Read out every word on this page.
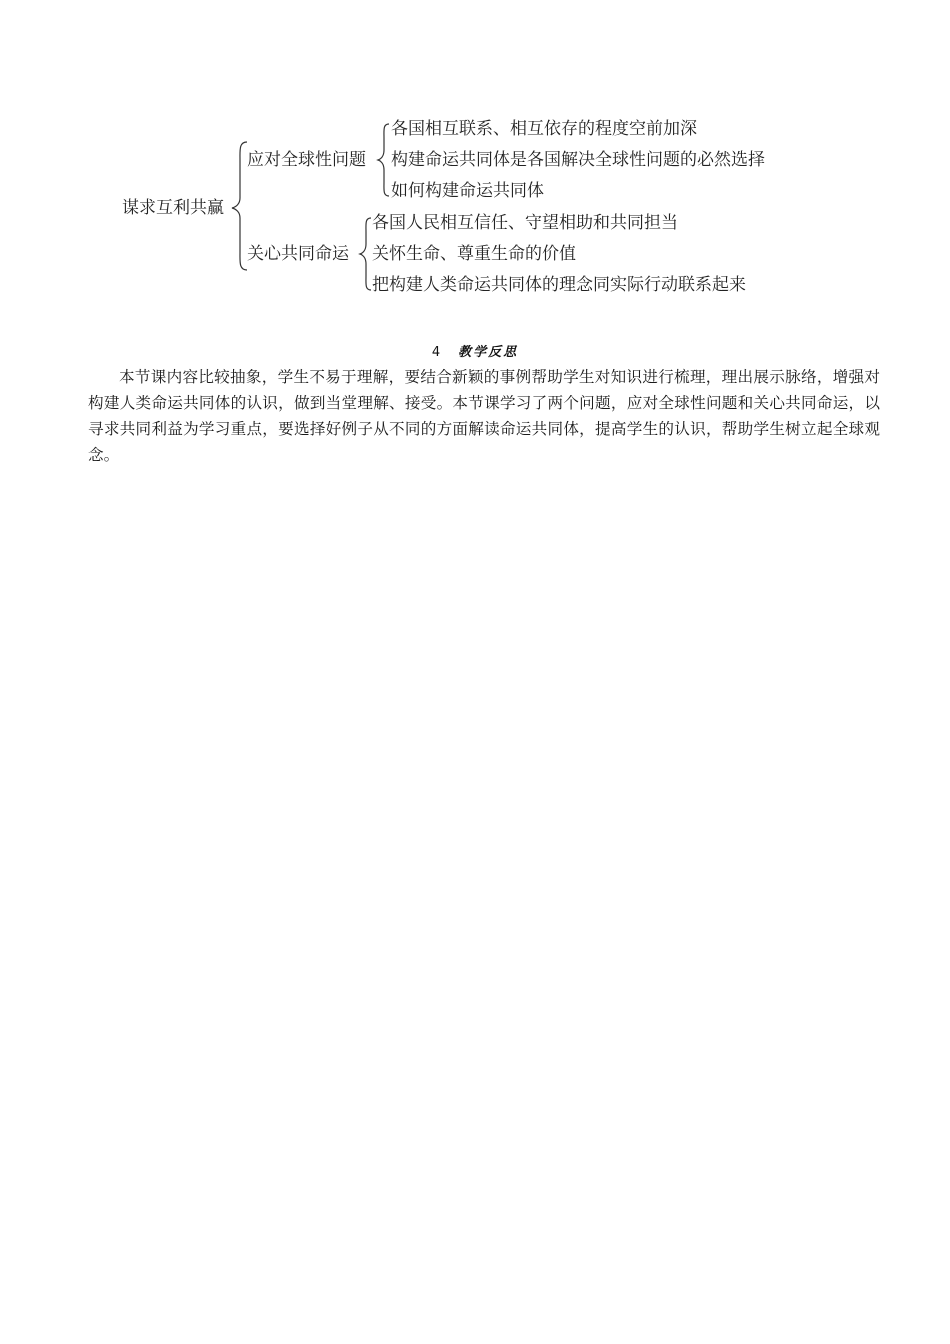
谋求互利共赢
应对全球性问题
各国相互联系、相互依存的程度空前加深
构建命运共同体是各国解决全球性问题的必然选择
如何构建命运共同体
关心共同命运
各国人民相互信任、守望相助和共同担当
关怀生命、尊重生命的价值
把构建人类命运共同体的理念同实际行动联系起来
4 教学反思

本节课内容比较抽象，学生不易于理解，要结合新颖的事例帮助学生对知识进行梳理，理出展示脉络，增强对构建人类命运共同体的认识，做到当堂理解、接受。本节课学习了两个问题，应对全球性问题和关心共同命运，以寻求共同利益为学习重点，要选择好例子从不同的方面解读命运共同体，提高学生的认识，帮助学生树立起全球观念。
